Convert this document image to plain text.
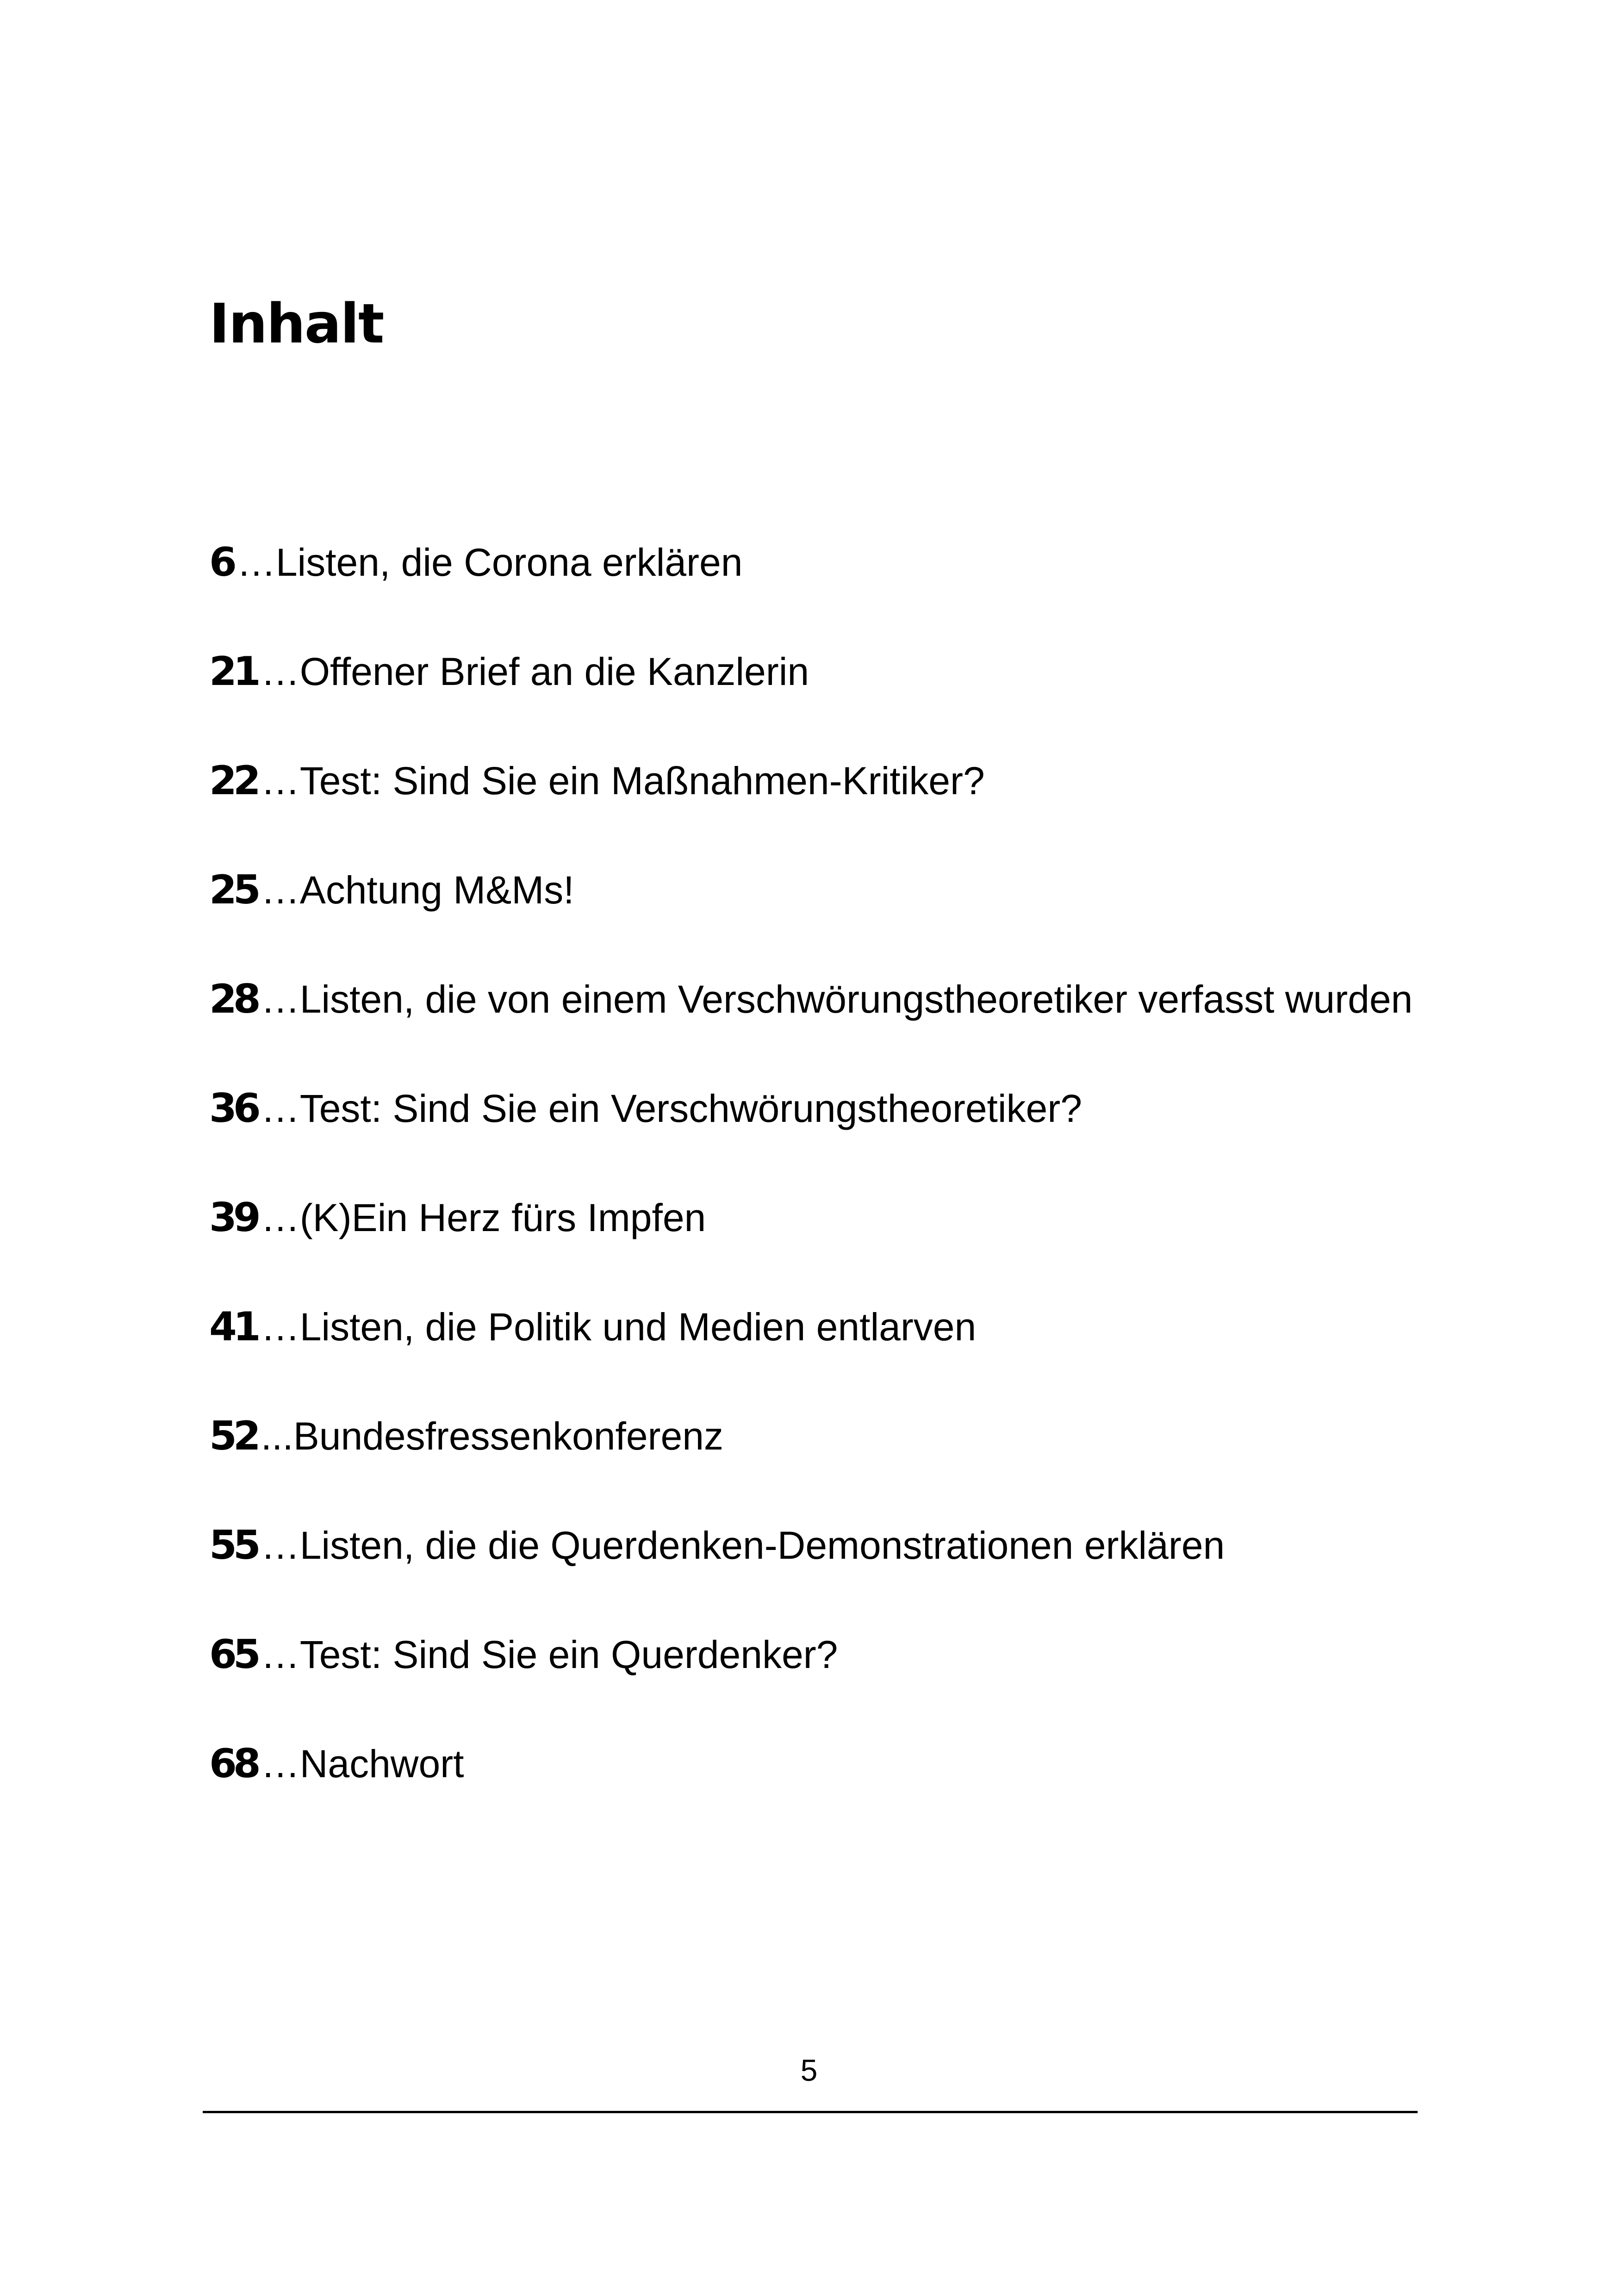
Inhalt
6…Listen, die Corona erklären
21…Offener Brief an die Kanzlerin
22…Test: Sind Sie ein Maßnahmen-Kritiker?
25…Achtung M&Ms!
28…Listen, die von einem Verschwörungstheoretiker verfasst wurden
36…Test: Sind Sie ein Verschwörungstheoretiker?
39…(K)Ein Herz fürs Impfen
41…Listen, die Politik und Medien entlarven
52...Bundesfressenkonferenz
55…Listen, die die Querdenken-Demonstrationen erklären
65…Test: Sind Sie ein Querdenker?
68…Nachwort
5
